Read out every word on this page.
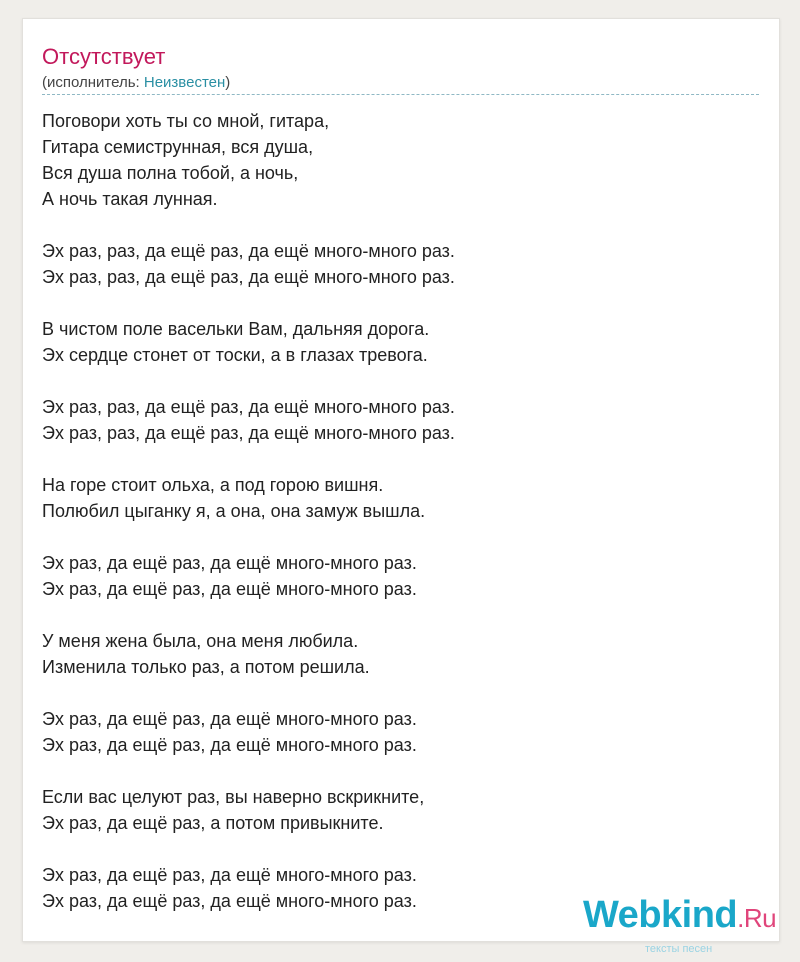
Отсутствует
(исполнитель: Неизвестен)
Поговори хоть ты со мной, гитара,
Гитара семиструнная, вся душа,
Вся душа полна тобой, а ночь,
А ночь такая лунная.
Эх раз, раз, да ещё раз, да ещё много-много раз.
Эх раз, раз, да ещё раз, да ещё много-много раз.
В чистом поле васельки Вам, дальняя дорога.
Эх сердце стонет от тоски, а в глазах тревога.
Эх раз, раз, да ещё раз, да ещё много-много раз.
Эх раз, раз, да ещё раз, да ещё много-много раз.
На горе стоит ольха, а под горою вишня.
Полюбил цыганку я, а она, она замуж вышла.
Эх раз, да ещё раз, да ещё много-много раз.
Эх раз, да ещё раз, да ещё много-много раз.
У меня жена была, она меня любила.
Изменила только раз, а потом решила.
Эх раз, да ещё раз, да ещё много-много раз.
Эх раз, да ещё раз, да ещё много-много раз.
Если вас целуют раз, вы наверно вскрикните,
Эх раз, да ещё раз, а потом привыкните.
Эх раз, да ещё раз, да ещё много-много раз.
Эх раз, да ещё раз, да ещё много-много раз.	Webkind.Ru
тексты песен
